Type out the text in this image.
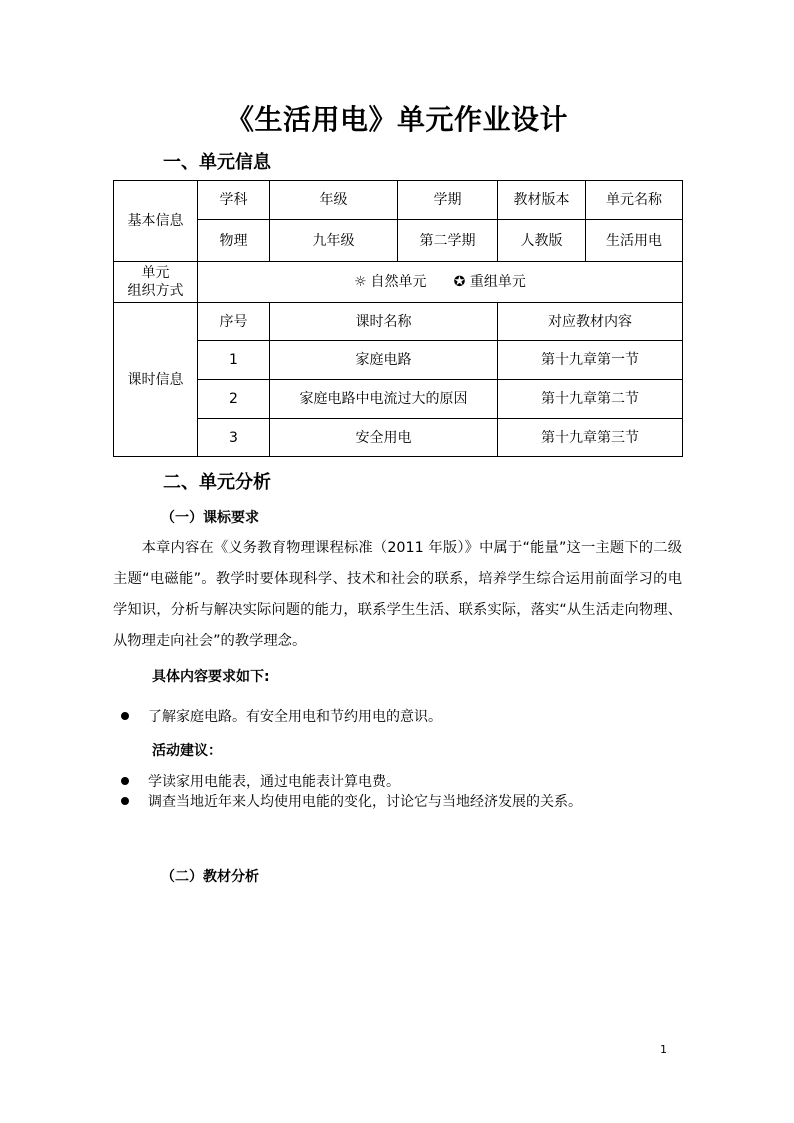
《生活用电》单元作业设计
一、单元信息
基本信息	学科	年级	学期	教材版本	单元名称
	物理	九年级	第二学期	人教版	生活用电

单元
组织方式	☼ 自然单元 ✪ 重组单元				
课时信息	序号	课时名称		对应教材内容	
	1	家庭电路		第十九章第一节	
	2	家庭电路中电流过大的原因		第十九章第二节	
	3	安全用电		第十九章第三节	
二、单元分析
（一）课标要求

本章内容在《义务教育物理课程标准（2011 年版）》中属于“能量”这一主题下的二级主题“电磁能”。教学时要体现科学、技术和社会的联系，培养学生综合运用前面学习的电学知识，分析与解决实际问题的能力，联系学生生活、联系实际，落实“从生活走向物理、从物理走向社会”的教学理念。

具体内容要求如下:
了解家庭电路。有安全用电和节约用电的意识。
活动建议：
学读家用电能表，通过电能表计算电费。
调查当地近年来人均使用电能的变化，讨论它与当地经济发展的关系。
（二）教材分析
1
